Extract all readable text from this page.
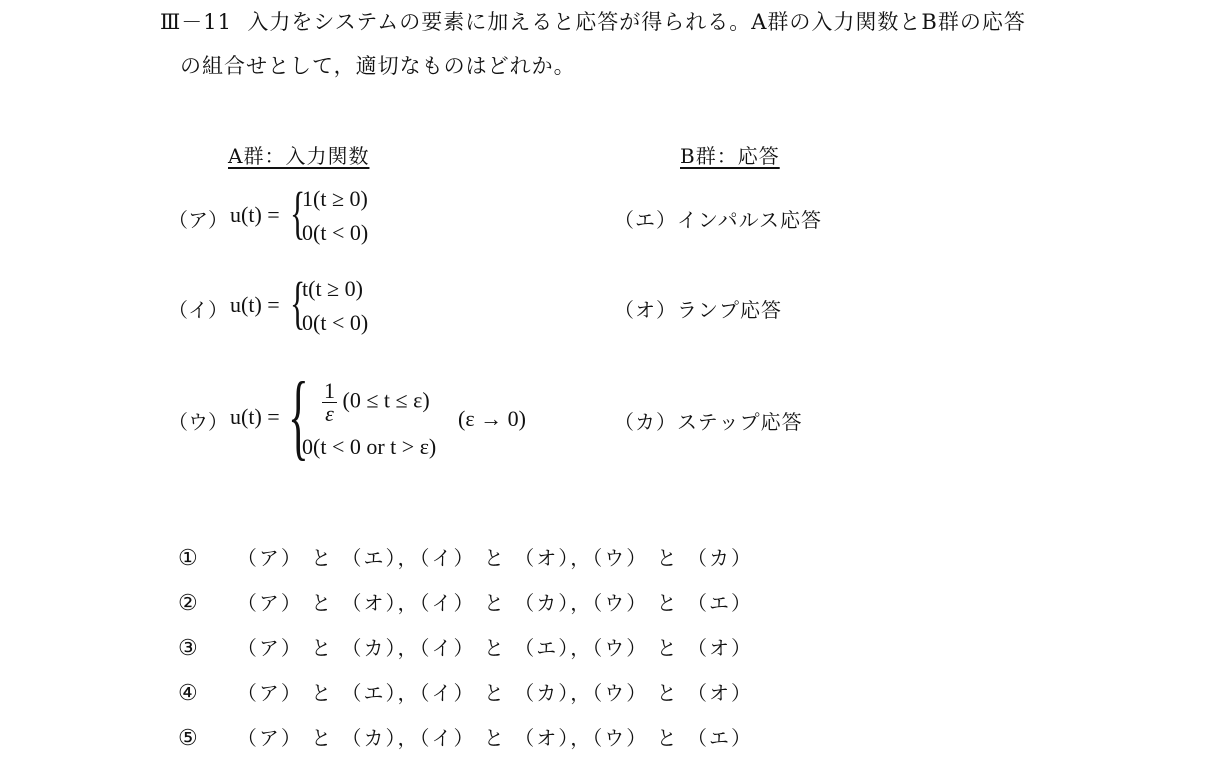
Ⅲ－11 入力をシステムの要素に加えると応答が得られる。A群の入力関数とB群の応答
の組合せとして，適切なものはどれか。
A群：入力関数	B群：応答
（ア） u(t) = {
1(t ≥ 0)
0(t < 0)
（イ） u(t) = {
t(t ≥ 0)
0(t < 0)
（ウ） u(t) = { $\frac{1}{\varepsilon} (0 \le t \le \varepsilon)$
0(t < 0 or t > ε)
(ε → 0)
（エ）インパルス応答
（オ）ランプ応答
（カ）ステップ応答
① （ア） と （エ），（イ） と （オ），（ウ） と （カ）
② （ア） と （オ），（イ） と （カ），（ウ） と （エ）
③ （ア） と （カ），（イ） と （エ），（ウ） と （オ）
④ （ア） と （エ），（イ） と （カ），（ウ） と （オ）
⑤ （ア） と （カ），（イ） と （オ），（ウ） と （エ）
